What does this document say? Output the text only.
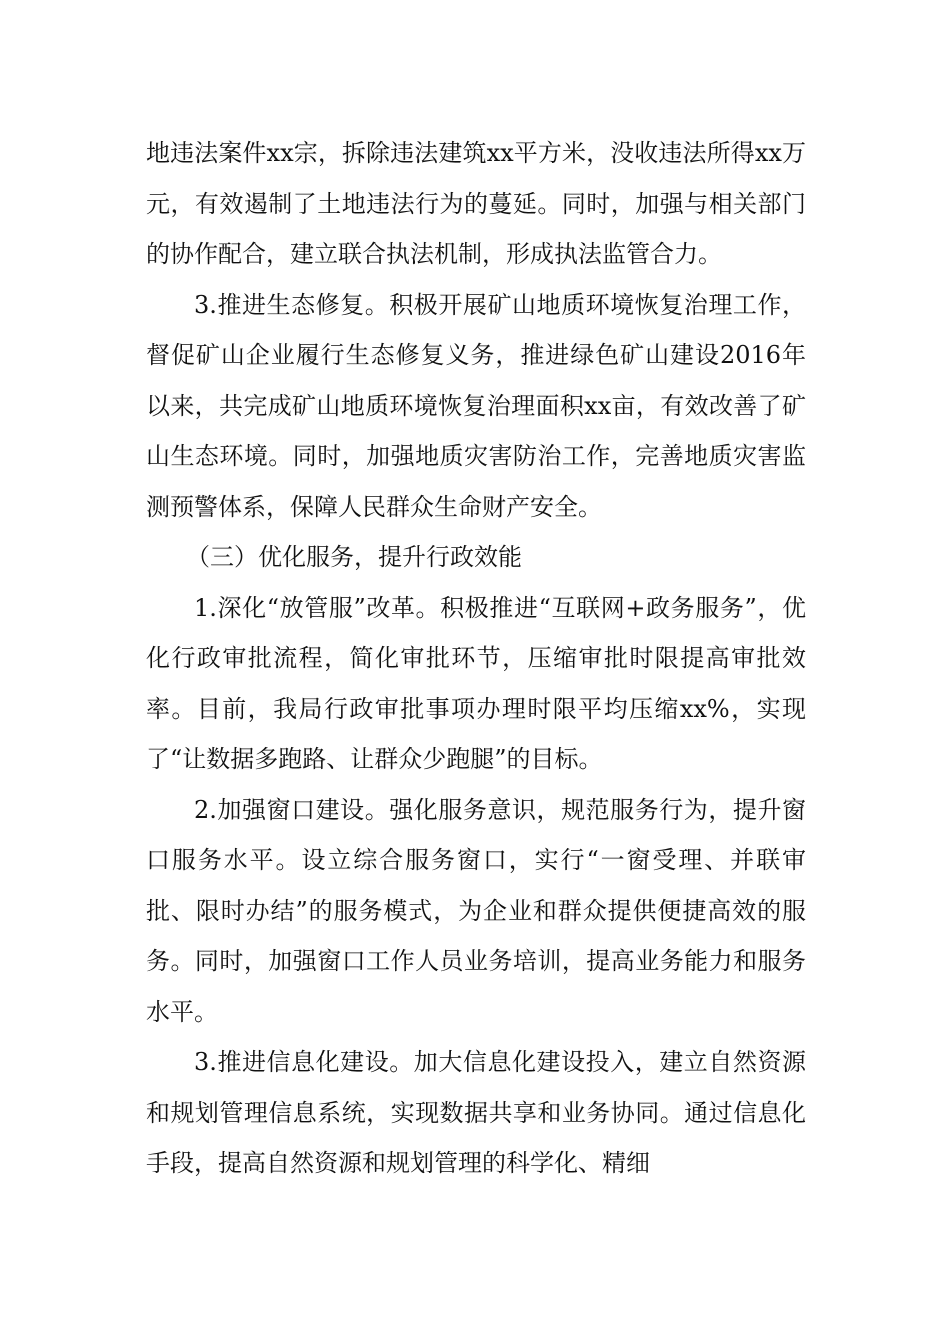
地违法案件xx宗，拆除违法建筑xx平方米，没收违法所得xx万元，有效遏制了土地违法行为的蔓延。同时，加强与相关部门的协作配合，建立联合执法机制，形成执法监管合力。

3.推进生态修复。积极开展矿山地质环境恢复治理工作，督促矿山企业履行生态修复义务，推进绿色矿山建设2016年以来，共完成矿山地质环境恢复治理面积xx亩，有效改善了矿山生态环境。同时，加强地质灾害防治工作，完善地质灾害监测预警体系，保障人民群众生命财产安全。

（三）优化服务，提升行政效能

1.深化“放管服”改革。积极推进“互联网+政务服务”，优化行政审批流程，简化审批环节，压缩审批时限提高审批效率。目前，我局行政审批事项办理时限平均压缩xx%，实现了“让数据多跑路、让群众少跑腿”的目标。

2.加强窗口建设。强化服务意识，规范服务行为，提升窗口服务水平。设立综合服务窗口，实行“一窗受理、并联审批、限时办结”的服务模式，为企业和群众提供便捷高效的服务。同时，加强窗口工作人员业务培训，提高业务能力和服务水平。

3.推进信息化建设。加大信息化建设投入，建立自然资源和规划管理信息系统，实现数据共享和业务协同。通过信息化手段，提高自然资源和规划管理的科学化、精细
